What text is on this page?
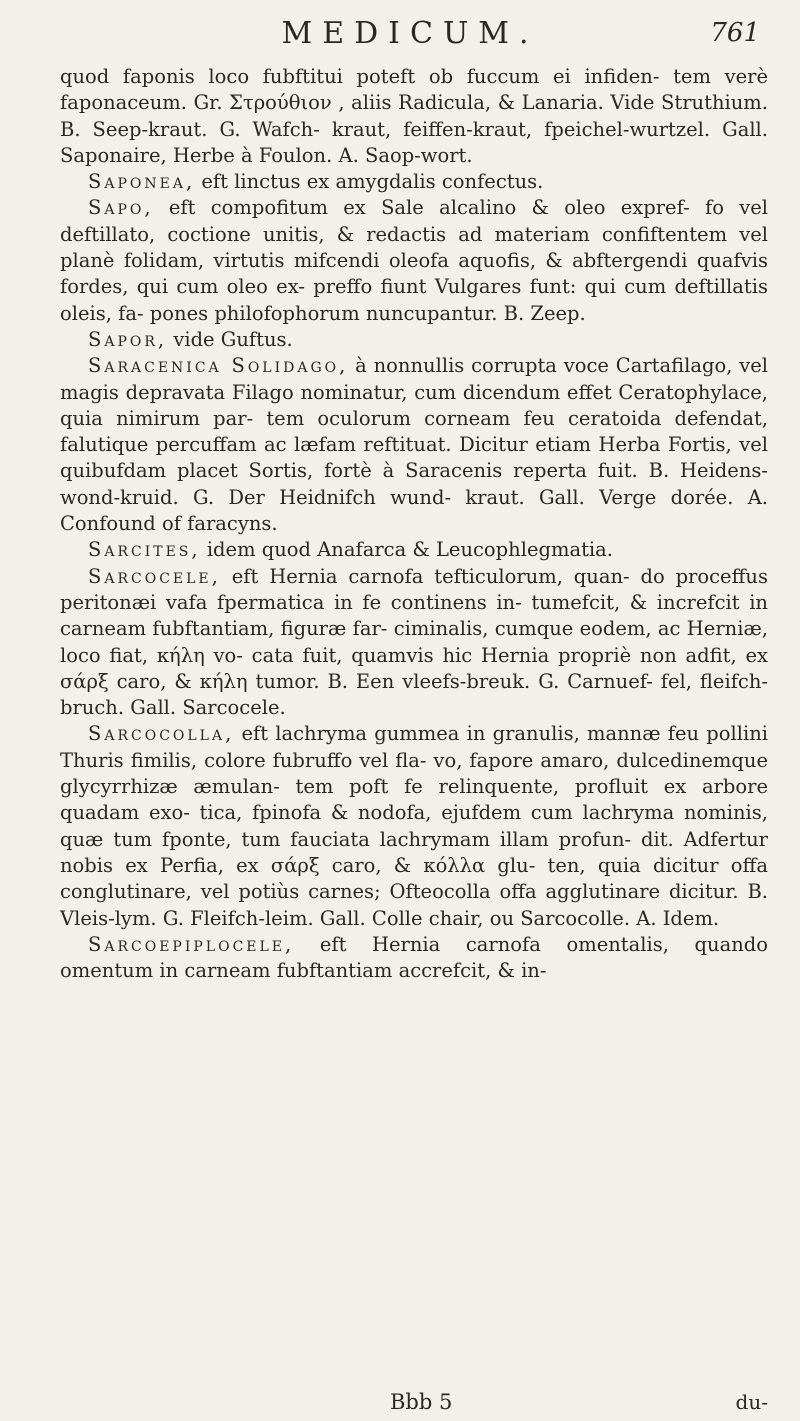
MEDICUM.	761

quod faponis loco fubftitui poteft ob fuccum ei infiden- tem verè faponaceum. Gr. Στρούθιον , aliis Radicula, & Lanaria. Vide Struthium. B. Seep-kraut. G. Wafch- kraut, feiffen-kraut, fpeichel-wurtzel. Gall. Saponaire, Herbe à Foulon. A. Saop-wort.

Saponea, eft linctus ex amygdalis confectus.

Sapo, eft compofitum ex Sale alcalino & oleo expref- fo vel deftillato, coctione unitis, & redactis ad materiam confiftentem vel planè folidam, virtutis mifcendi oleofa aquofis, & abftergendi quafvis fordes, qui cum oleo ex- preffo fiunt Vulgares funt: qui cum deftillatis oleis, fa- pones philofophorum nuncupantur. B. Zeep.

Sapor, vide Guftus.

Saracenica Solidago, à nonnullis corrupta voce Cartafilago, vel magis depravata Filago nominatur, cum dicendum effet Ceratophylace, quia nimirum par- tem oculorum corneam feu ceratoida defendat, falutique percuffam ac læfam reftituat. Dicitur etiam Herba Fortis, vel quibufdam placet Sortis, fortè à Saracenis reperta fuit. B. Heidens-wond-kruid. G. Der Heidnifch wund- kraut. Gall. Verge dorée. A. Confound of faracyns.

Sarcites, idem quod Anafarca & Leucophlegmatia.

Sarcocele, eft Hernia carnofa tefticulorum, quan- do proceffus peritonæi vafa fpermatica in fe continens in- tumefcit, & increfcit in carneam fubftantiam, figuræ far- ciminalis, cumque eodem, ac Herniæ, loco fiat, κήλη vo- cata fuit, quamvis hic Hernia propriè non adfit, ex σάρξ caro, & κήλη tumor. B. Een vleefs-breuk. G. Carnuef- fel, fleifch-bruch. Gall. Sarcocele.

Sarcocolla, eft lachryma gummea in granulis, mannæ feu pollini Thuris fimilis, colore fubruffo vel fla- vo, fapore amaro, dulcedinemque glycyrrhizæ æmulan- tem poft fe relinquente, profluit ex arbore quadam exo- tica, fpinofa & nodofa, ejufdem cum lachryma nominis, quæ tum fponte, tum fauciata lachrymam illam profun- dit. Adfertur nobis ex Perfia, ex σάρξ caro, & κόλλα glu- ten, quia dicitur offa conglutinare, vel potiùs carnes; Ofteocolla offa agglutinare dicitur. B. Vleis-lym. G. Fleifch-leim. Gall. Colle chair, ou Sarcocolle. A. Idem.

Sarcoepiplocele, eft Hernia carnofa omentalis, quando omentum in carneam fubftantiam accrefcit, & in-

Bbb 5	du-
